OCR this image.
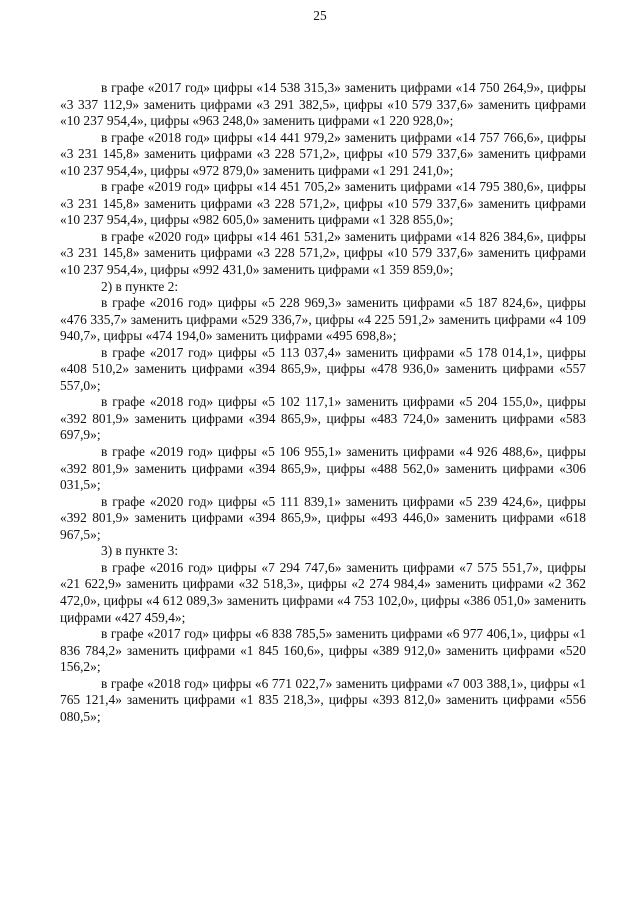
25

в графе «2017 год» цифры «14 538 315,3» заменить цифрами «14 750 264,9», цифры «3 337 112,9» заменить цифрами «3 291 382,5», цифры «10 579 337,6» заменить цифрами «10 237 954,4», цифры «963 248,0» заменить цифрами «1 220 928,0»;

в графе «2018 год» цифры «14 441 979,2» заменить цифрами «14 757 766,6», цифры «3 231 145,8» заменить цифрами «3 228 571,2», цифры «10 579 337,6» заменить цифрами «10 237 954,4», цифры «972 879,0» заменить цифрами «1 291 241,0»;

в графе «2019 год» цифры «14 451 705,2» заменить цифрами «14 795 380,6», цифры «3 231 145,8» заменить цифрами «3 228 571,2», цифры «10 579 337,6» заменить цифрами «10 237 954,4», цифры «982 605,0» заменить цифрами «1 328 855,0»;

в графе «2020 год» цифры «14 461 531,2» заменить цифрами «14 826 384,6», цифры «3 231 145,8» заменить цифрами «3 228 571,2», цифры «10 579 337,6» заменить цифрами «10 237 954,4», цифры «992 431,0» заменить цифрами «1 359 859,0»;

2) в пункте 2:

в графе «2016 год» цифры «5 228 969,3» заменить цифрами «5 187 824,6», цифры «476 335,7» заменить цифрами «529 336,7», цифры «4 225 591,2» заменить цифрами «4 109 940,7», цифры «474 194,0» заменить цифрами «495 698,8»;

в графе «2017 год» цифры «5 113 037,4» заменить цифрами «5 178 014,1», цифры «408 510,2» заменить цифрами «394 865,9», цифры «478 936,0» заменить цифрами «557 557,0»;

в графе «2018 год» цифры «5 102 117,1» заменить цифрами «5 204 155,0», цифры «392 801,9» заменить цифрами «394 865,9», цифры «483 724,0» заменить цифрами «583 697,9»;

в графе «2019 год» цифры «5 106 955,1» заменить цифрами «4 926 488,6», цифры «392 801,9» заменить цифрами «394 865,9», цифры «488 562,0» заменить цифрами «306 031,5»;

в графе «2020 год» цифры «5 111 839,1» заменить цифрами «5 239 424,6», цифры «392 801,9» заменить цифрами «394 865,9», цифры «493 446,0» заменить цифрами «618 967,5»;

3) в пункте 3:

в графе «2016 год» цифры «7 294 747,6» заменить цифрами «7 575 551,7», цифры «21 622,9» заменить цифрами «32 518,3», цифры «2 274 984,4» заменить цифрами «2 362 472,0», цифры «4 612 089,3» заменить цифрами «4 753 102,0», цифры «386 051,0» заменить цифрами «427 459,4»;

в графе «2017 год» цифры «6 838 785,5» заменить цифрами «6 977 406,1», цифры «1 836 784,2» заменить цифрами «1 845 160,6», цифры «389 912,0» заменить цифрами «520 156,2»;

в графе «2018 год» цифры «6 771 022,7» заменить цифрами «7 003 388,1», цифры «1 765 121,4» заменить цифрами «1 835 218,3», цифры «393 812,0» заменить цифрами «556 080,5»;
